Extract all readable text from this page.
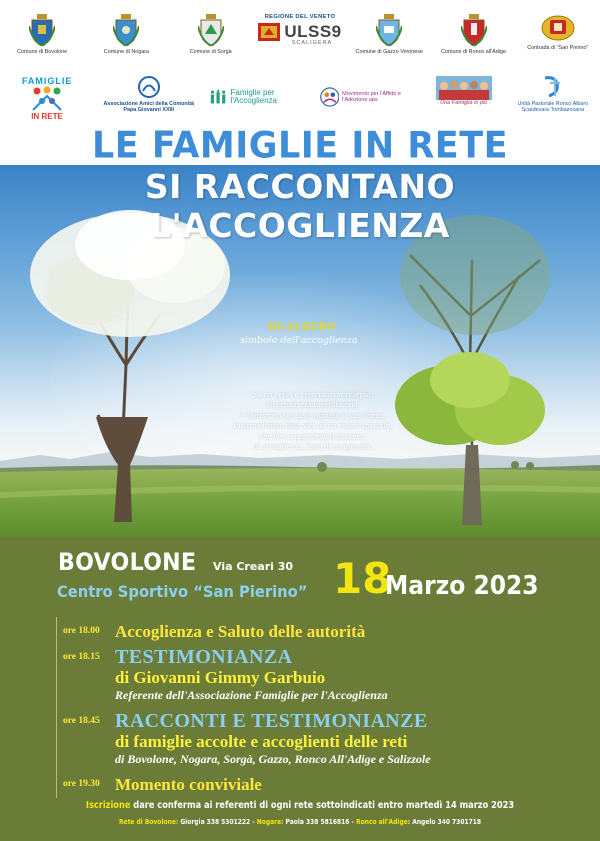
Comune di Bovolone	Comune di Nogara	Comune di Sorgà
REGIONE DEL VENETO
ULSS9
SCALIGERA
Comune di Gazzo Veronese	Comune di Ronco all'Adige
Contrada di "San Pierino"
FAMIGLIE
IN RETE
Associazione Amici della Comunità Papa Giovanni XXIII
Famiglie per l'Accoglienza
Movimento per l'Affido e l'Adozione aps	Una Famiglia in più	Unità Pastorale Ronco Albaro Scardevara Tombazosana
LE FAMIGLIE IN RETE
SI RACCONTANO L'ACCOGLIENZA
BI-ALBERO
simbolo dell'accoglienza
Su un gelso è cresciuto un ciliegio.
In primavera inverdiscono
e fioriscono per dare ognuno il suo frutto.
Insieme hanno dato vita ad un essere speciale,
che ben rappresenta il concetto
di accoglienza, fatto di reciprocità.
BOVOLONE Via Creari 30
Centro Sportivo “San Pierino” 18
Marzo 2023
ore 18.00 Accoglienza e Saluto delle autorità
ore 18.15 TESTIMONIANZA
di Giovanni Gimmy Garbuio
Referente dell'Associazione Famiglie per l'Accoglienza
ore 18.45 RACCONTI E TESTIMONIANZE
di famiglie accolte e accoglienti delle reti
di Bovolone, Nogara, Sorgà, Gazzo, Ronco All'Adige e Salizzole
ore 19.30 Momento conviviale
Iscrizione dare conferma ai referenti di ogni rete sottoindicati entro martedì 14 marzo 2023
Rete di Bovolone: Giorgia 338 5301222 - Nogara: Paola 338 5816816 - Ronco all'Adige: Angelo 340 7301718
